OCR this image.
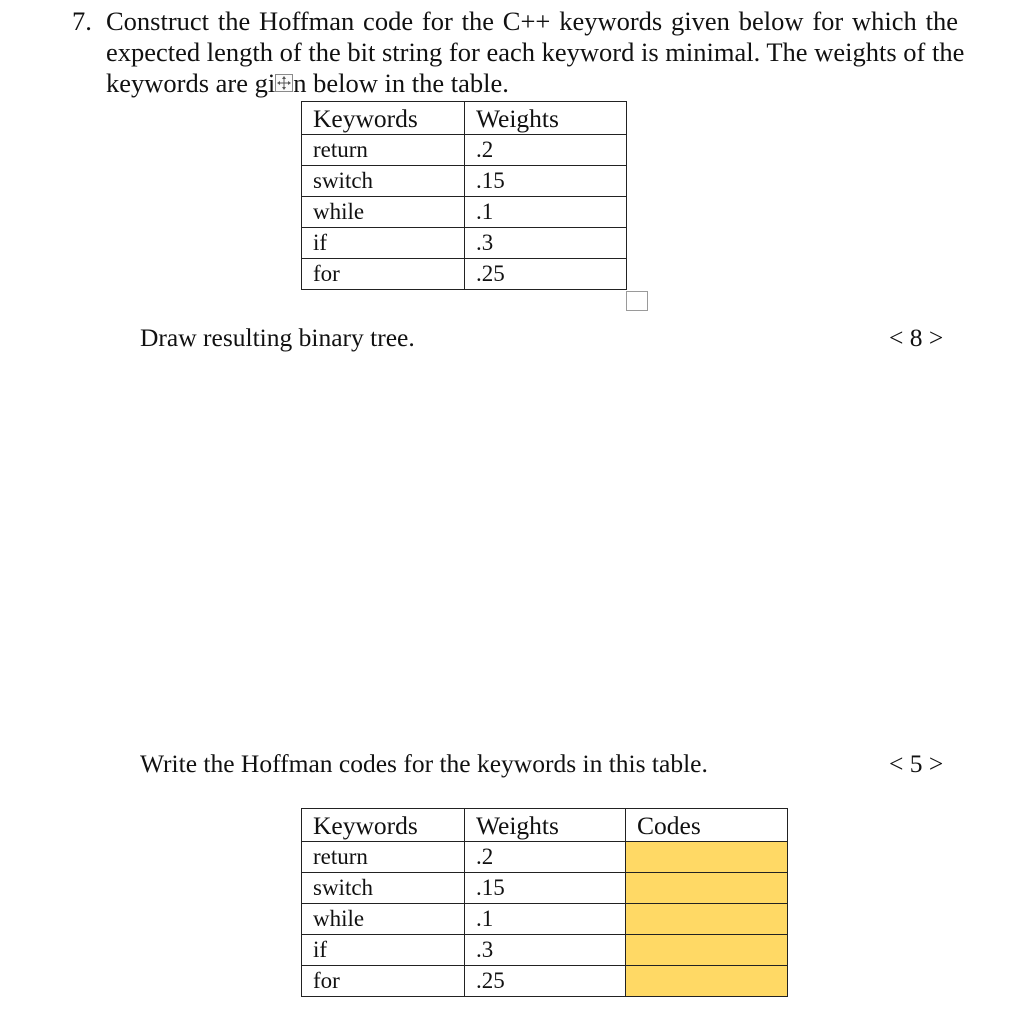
7. Construct the Hoffman code for the C++ keywords given below for which the
expected length of the bit string for each keyword is minimal. The weights of the
keywords are gi n below in the table.
Keywords	Weights
return	.2
switch	.15
while	.1
if	.3
for	.25
Draw resulting binary tree.	< 8 >
Write the Hoffman codes for the keywords in this table.	< 5 >
Keywords	Weights	Codes
return	.2	
switch	.15	
while	.1	
if	.3	
for	.25	
